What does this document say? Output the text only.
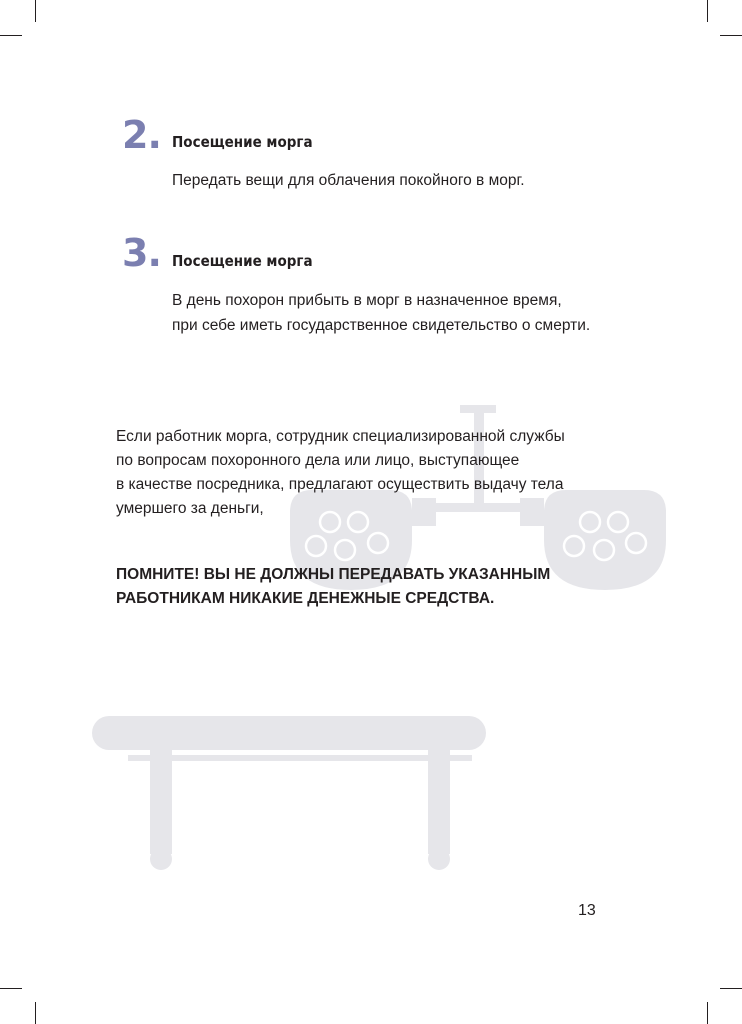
2. Посещение морга
Передать вещи для облачения покойного в морг.
3. Посещение морга
В день похорон прибыть в морг в назначенное время,
при себе иметь государственное свидетельство о смерти.
Если работник морга, сотрудник специализированной службы
по вопросам похоронного дела или лицо, выступающее
в качестве посредника, предлагают осуществить выдачу тела
умершего за деньги,
ПОМНИТЕ! ВЫ НЕ ДОЛЖНЫ ПЕРЕДАВАТЬ УКАЗАННЫМ
РАБОТНИКАМ НИКАКИЕ ДЕНЕЖНЫЕ СРЕДСТВА.
13
